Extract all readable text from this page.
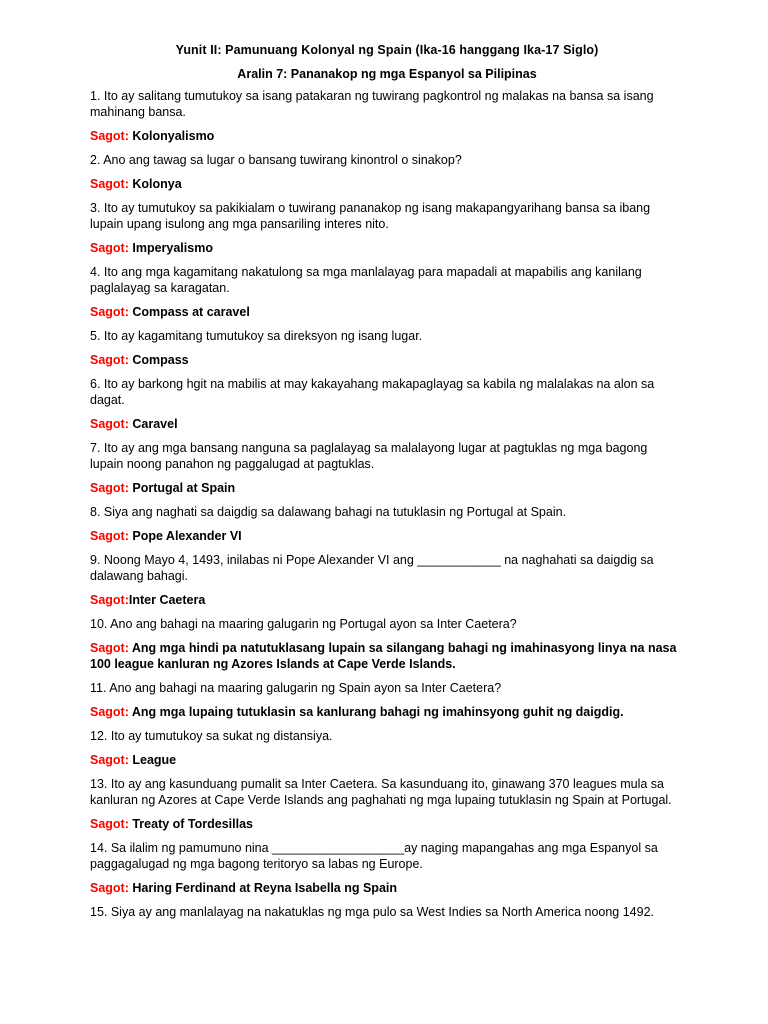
Yunit II: Pamunuang Kolonyal ng Spain (Ika-16 hanggang Ika-17 Siglo)
Aralin 7: Pananakop ng mga Espanyol sa Pilipinas
1. Ito ay salitang tumutukoy sa isang patakaran ng tuwirang pagkontrol ng malakas na bansa sa isang mahinang bansa.
Sagot: Kolonyalismo
2. Ano ang tawag sa lugar o bansang tuwirang kinontrol o sinakop?
Sagot: Kolonya
3. Ito ay tumutukoy sa pakikialam o tuwirang pananakop ng isang makapangyarihang bansa sa ibang lupain upang isulong ang mga pansariling interes nito.
Sagot: Imperyalismo
4. Ito ang mga kagamitang nakatulong sa mga manlalayag para mapadali at mapabilis ang kanilang paglalayag sa karagatan.
Sagot: Compass at caravel
5. Ito ay kagamitang tumutukoy sa direksyon ng isang lugar.
Sagot: Compass
6. Ito ay barkong hgit na mabilis at may kakayahang makapaglayag sa kabila ng malalakas na alon sa dagat.
Sagot: Caravel
7. Ito ay ang mga bansang nanguna sa paglalayag sa malalayong lugar at pagtuklas ng mga bagong lupain noong panahon ng paggalugad at pagtuklas.
Sagot: Portugal at Spain
8. Siya ang naghati sa daigdig sa dalawang bahagi na tutuklasin ng Portugal at Spain.
Sagot: Pope Alexander VI
9. Noong Mayo 4, 1493, inilabas ni Pope Alexander VI ang ____________ na naghahati sa daigdig sa dalawang bahagi.
Sagot:Inter Caetera
10. Ano ang bahagi na maaring galugarin ng Portugal ayon sa Inter Caetera?
Sagot: Ang mga hindi pa natutuklasang lupain sa silangang bahagi ng imahinasyong linya na nasa 100 league kanluran ng Azores Islands at Cape Verde Islands.
11. Ano ang bahagi na maaring galugarin ng Spain ayon sa Inter Caetera?
Sagot: Ang mga lupaing tutuklasin sa kanlurang bahagi ng imahinsyong guhit ng daigdig.
12. Ito ay tumutukoy sa sukat ng distansiya.
Sagot: League
13. Ito ay ang kasunduang pumalit sa Inter Caetera. Sa kasunduang ito, ginawang 370 leagues mula sa kanluran ng Azores at Cape Verde Islands ang paghahati ng mga lupaing tutuklasin ng Spain at Portugal.
Sagot: Treaty of Tordesillas
14. Sa ilalim ng pamumuno nina ___________________ay naging mapangahas ang mga Espanyol sa paggagalugad ng mga bagong teritoryo sa labas ng Europe.
Sagot: Haring Ferdinand at Reyna Isabella ng Spain
15. Siya ay ang manlalayag na nakatuklas ng mga pulo sa West Indies sa North America noong 1492.
